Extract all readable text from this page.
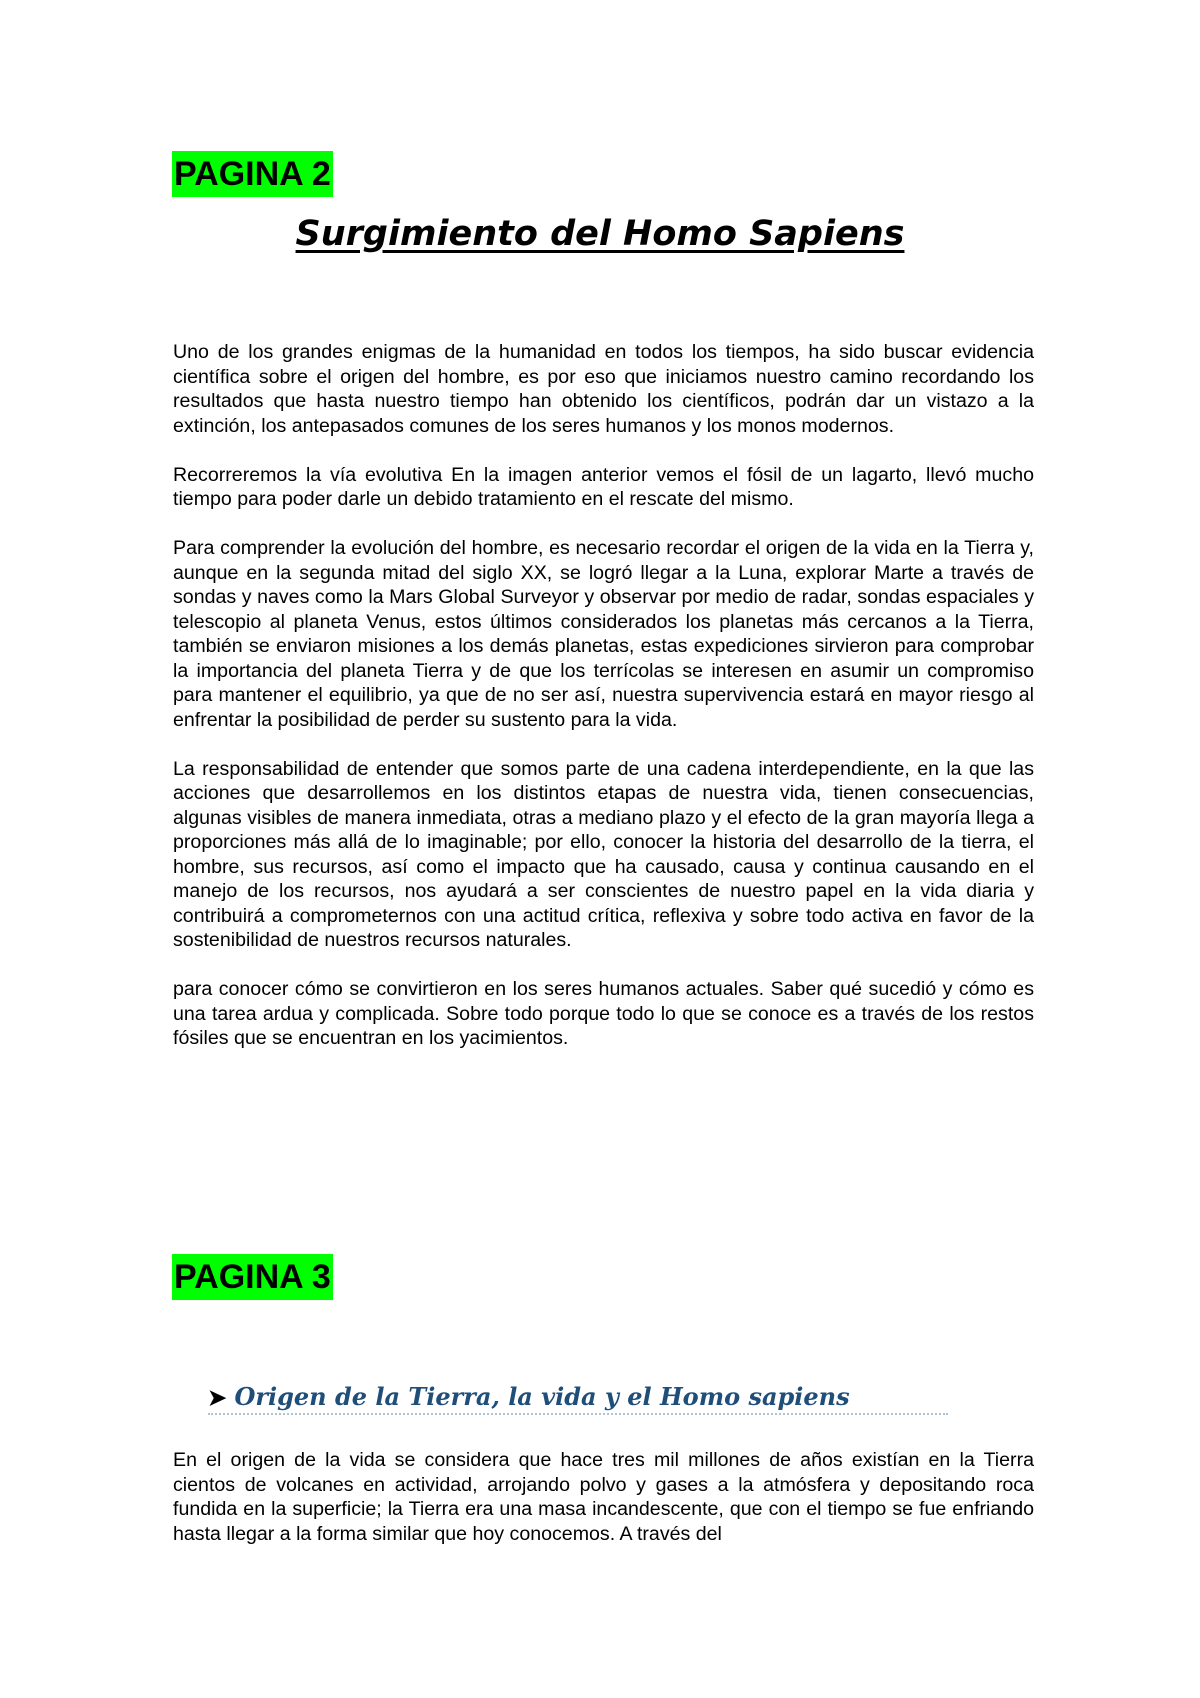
PAGINA 2
Surgimiento del Homo Sapiens

Uno de los grandes enigmas de la humanidad en todos los tiempos, ha sido buscar evidencia científica sobre el origen del hombre, es por eso que iniciamos nuestro camino recordando los resultados que hasta nuestro tiempo han obtenido los científicos, podrán dar un vistazo a la extinción, los antepasados comunes de los seres humanos y los monos modernos.

Recorreremos la vía evolutiva En la imagen anterior vemos el fósil de un lagarto, llevó mucho tiempo para poder darle un debido tratamiento en el rescate del mismo.

Para comprender la evolución del hombre, es necesario recordar el origen de la vida en la Tierra y, aunque en la segunda mitad del siglo XX, se logró llegar a la Luna, explorar Marte a través de sondas y naves como la Mars Global Surveyor y observar por medio de radar, sondas espaciales y telescopio al planeta Venus, estos últimos considerados los planetas más cercanos a la Tierra, también se enviaron misiones a los demás planetas, estas expediciones sirvieron para comprobar la importancia del planeta Tierra y de que los terrícolas se interesen en asumir un compromiso para mantener el equilibrio, ya que de no ser así, nuestra supervivencia estará en mayor riesgo al enfrentar la posibilidad de perder su sustento para la vida.

La responsabilidad de entender que somos parte de una cadena interdependiente, en la que las acciones que desarrollemos en los distintos etapas de nuestra vida, tienen consecuencias, algunas visibles de manera inmediata, otras a mediano plazo y el efecto de la gran mayoría llega a proporciones más allá de lo imaginable; por ello, conocer la historia del desarrollo de la tierra, el hombre, sus recursos, así como el impacto que ha causado, causa y continua causando en el manejo de los recursos, nos ayudará a ser conscientes de nuestro papel en la vida diaria y contribuirá a comprometernos con una actitud crítica, reflexiva y sobre todo activa en favor de la sostenibilidad de nuestros recursos naturales.

para conocer cómo se convirtieron en los seres humanos actuales. Saber qué sucedió y cómo es una tarea ardua y complicada. Sobre todo porque todo lo que se conoce es a través de los restos fósiles que se encuentran en los yacimientos.

PAGINA 3
➤ Origen de la Tierra, la vida y el Homo sapiens

En el origen de la vida se considera que hace tres mil millones de años existían en la Tierra cientos de volcanes en actividad, arrojando polvo y gases a la atmósfera y depositando roca fundida en la superficie; la Tierra era una masa incandescente, que con el tiempo se fue enfriando hasta llegar a la forma similar que hoy conocemos. A través del
